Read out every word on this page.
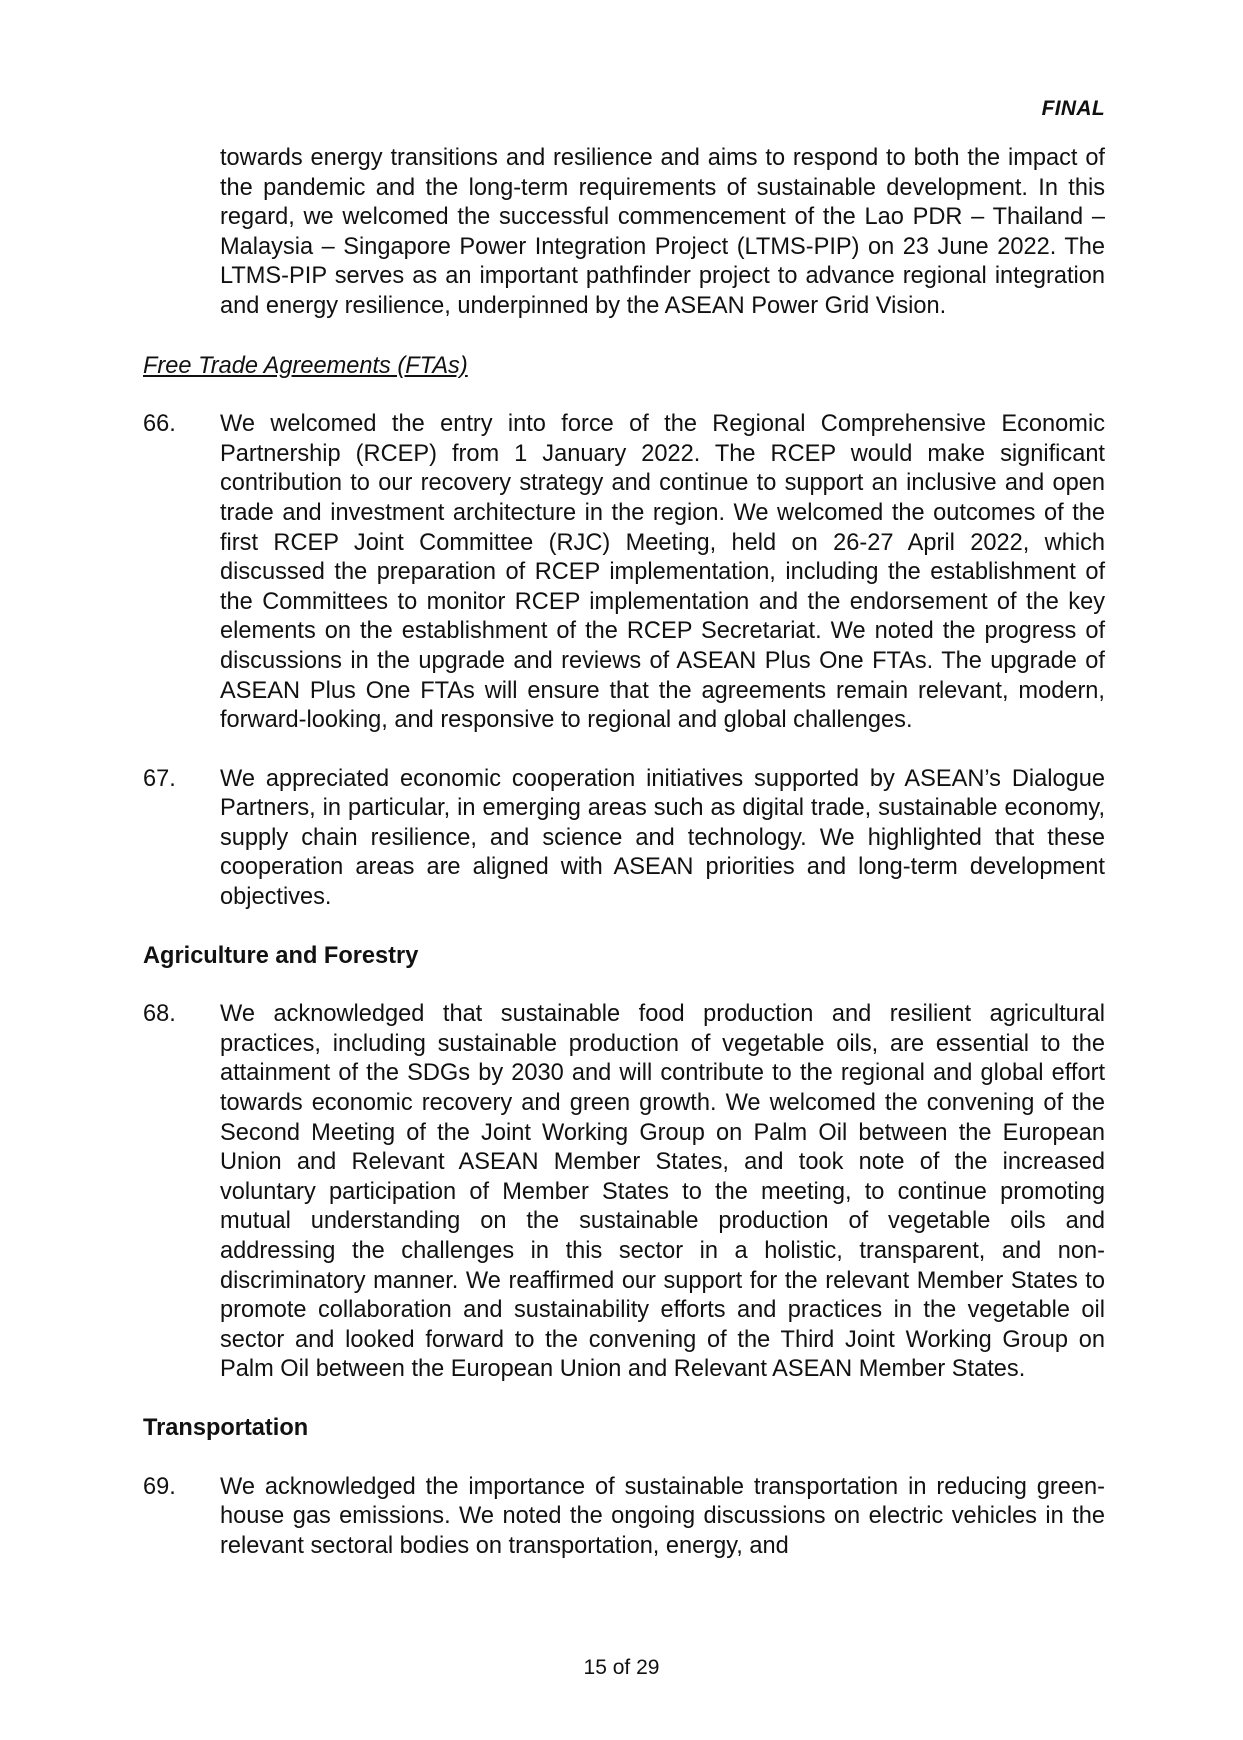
FINAL

towards energy transitions and resilience and aims to respond to both the impact of the pandemic and the long-term requirements of sustainable development. In this regard, we welcomed the successful commencement of the Lao PDR – Thailand – Malaysia – Singapore Power Integration Project (LTMS-PIP) on 23 June 2022. The LTMS-PIP serves as an important pathfinder project to advance regional integration and energy resilience, underpinned by the ASEAN Power Grid Vision.

Free Trade Agreements (FTAs)
66.	We welcomed the entry into force of the Regional Comprehensive Economic Partnership (RCEP) from 1 January 2022. The RCEP would make significant contribution to our recovery strategy and continue to support an inclusive and open trade and investment architecture in the region. We welcomed the outcomes of the first RCEP Joint Committee (RJC) Meeting, held on 26-27 April 2022, which discussed the preparation of RCEP implementation, including the establishment of the Committees to monitor RCEP implementation and the endorsement of the key elements on the establishment of the RCEP Secretariat. We noted the progress of discussions in the upgrade and reviews of ASEAN Plus One FTAs. The upgrade of ASEAN Plus One FTAs will ensure that the agreements remain relevant, modern, forward-looking, and responsive to regional and global challenges.

67.	We appreciated economic cooperation initiatives supported by ASEAN’s Dialogue Partners, in particular, in emerging areas such as digital trade, sustainable economy, supply chain resilience, and science and technology. We highlighted that these cooperation areas are aligned with ASEAN priorities and long-term development objectives.

Agriculture and Forestry
68.	We acknowledged that sustainable food production and resilient agricultural practices, including sustainable production of vegetable oils, are essential to the attainment of the SDGs by 2030 and will contribute to the regional and global effort towards economic recovery and green growth. We welcomed the convening of the Second Meeting of the Joint Working Group on Palm Oil between the European Union and Relevant ASEAN Member States, and took note of the increased voluntary participation of Member States to the meeting, to continue promoting mutual understanding on the sustainable production of vegetable oils and addressing the challenges in this sector in a holistic, transparent, and non-discriminatory manner. We reaffirmed our support for the relevant Member States to promote collaboration and sustainability efforts and practices in the vegetable oil sector and looked forward to the convening of the Third Joint Working Group on Palm Oil between the European Union and Relevant ASEAN Member States.

Transportation
69.	We acknowledged the importance of sustainable transportation in reducing green-house gas emissions. We noted the ongoing discussions on electric vehicles in the relevant sectoral bodies on transportation, energy, and

15 of 29
